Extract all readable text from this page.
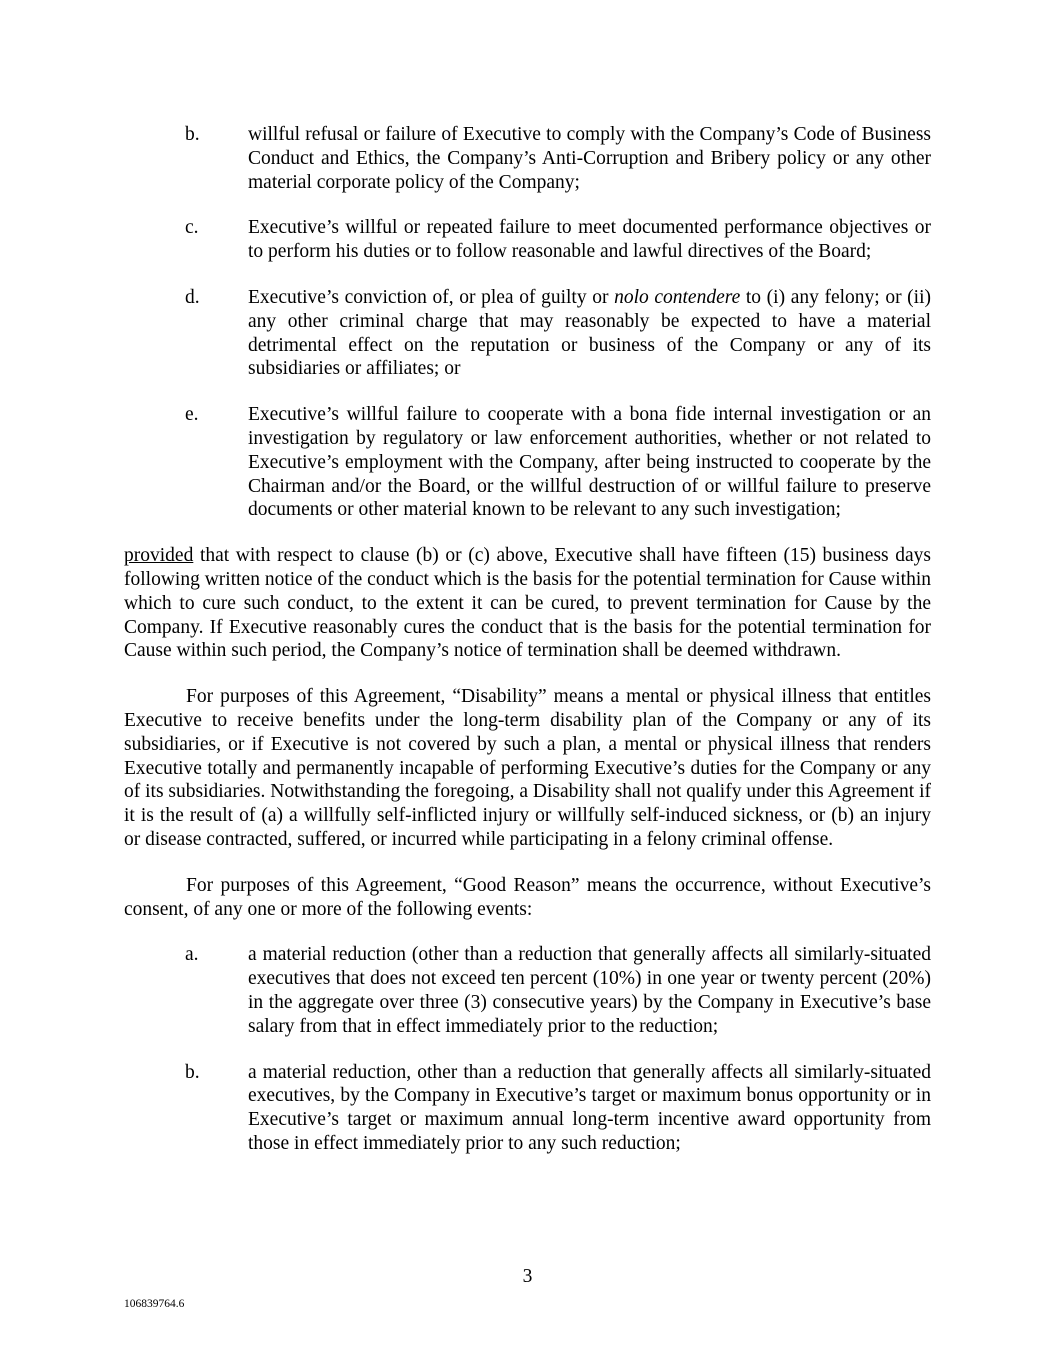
b.	willful refusal or failure of Executive to comply with the Company’s Code of Business Conduct and Ethics, the Company’s Anti-Corruption and Bribery policy or any other material corporate policy of the Company;
c.	Executive’s willful or repeated failure to meet documented performance objectives or to perform his duties or to follow reasonable and lawful directives of the Board;
d.	Executive’s conviction of, or plea of guilty or nolo contendere to (i) any felony; or (ii) any other criminal charge that may reasonably be expected to have a material detrimental effect on the reputation or business of the Company or any of its subsidiaries or affiliates; or
e.	Executive’s willful failure to cooperate with a bona fide internal investigation or an investigation by regulatory or law enforcement authorities, whether or not related to Executive’s employment with the Company, after being instructed to cooperate by the Chairman and/or the Board, or the willful destruction of or willful failure to preserve documents or other material known to be relevant to any such investigation;
provided that with respect to clause (b) or (c) above, Executive shall have fifteen (15) business days following written notice of the conduct which is the basis for the potential termination for Cause within which to cure such conduct, to the extent it can be cured, to prevent termination for Cause by the Company. If Executive reasonably cures the conduct that is the basis for the potential termination for Cause within such period, the Company’s notice of termination shall be deemed withdrawn.
For purposes of this Agreement, “Disability” means a mental or physical illness that entitles Executive to receive benefits under the long-term disability plan of the Company or any of its subsidiaries, or if Executive is not covered by such a plan, a mental or physical illness that renders Executive totally and permanently incapable of performing Executive’s duties for the Company or any of its subsidiaries. Notwithstanding the foregoing, a Disability shall not qualify under this Agreement if it is the result of (a) a willfully self-inflicted injury or willfully self-induced sickness, or (b) an injury or disease contracted, suffered, or incurred while participating in a felony criminal offense.
For purposes of this Agreement, “Good Reason” means the occurrence, without Executive’s consent, of any one or more of the following events:
a.	a material reduction (other than a reduction that generally affects all similarly-situated executives that does not exceed ten percent (10%) in one year or twenty percent (20%) in the aggregate over three (3) consecutive years) by the Company in Executive’s base salary from that in effect immediately prior to the reduction;
b.	a material reduction, other than a reduction that generally affects all similarly-situated executives, by the Company in Executive’s target or maximum bonus opportunity or in Executive’s target or maximum annual long-term incentive award opportunity from those in effect immediately prior to any such reduction;
3
106839764.6
